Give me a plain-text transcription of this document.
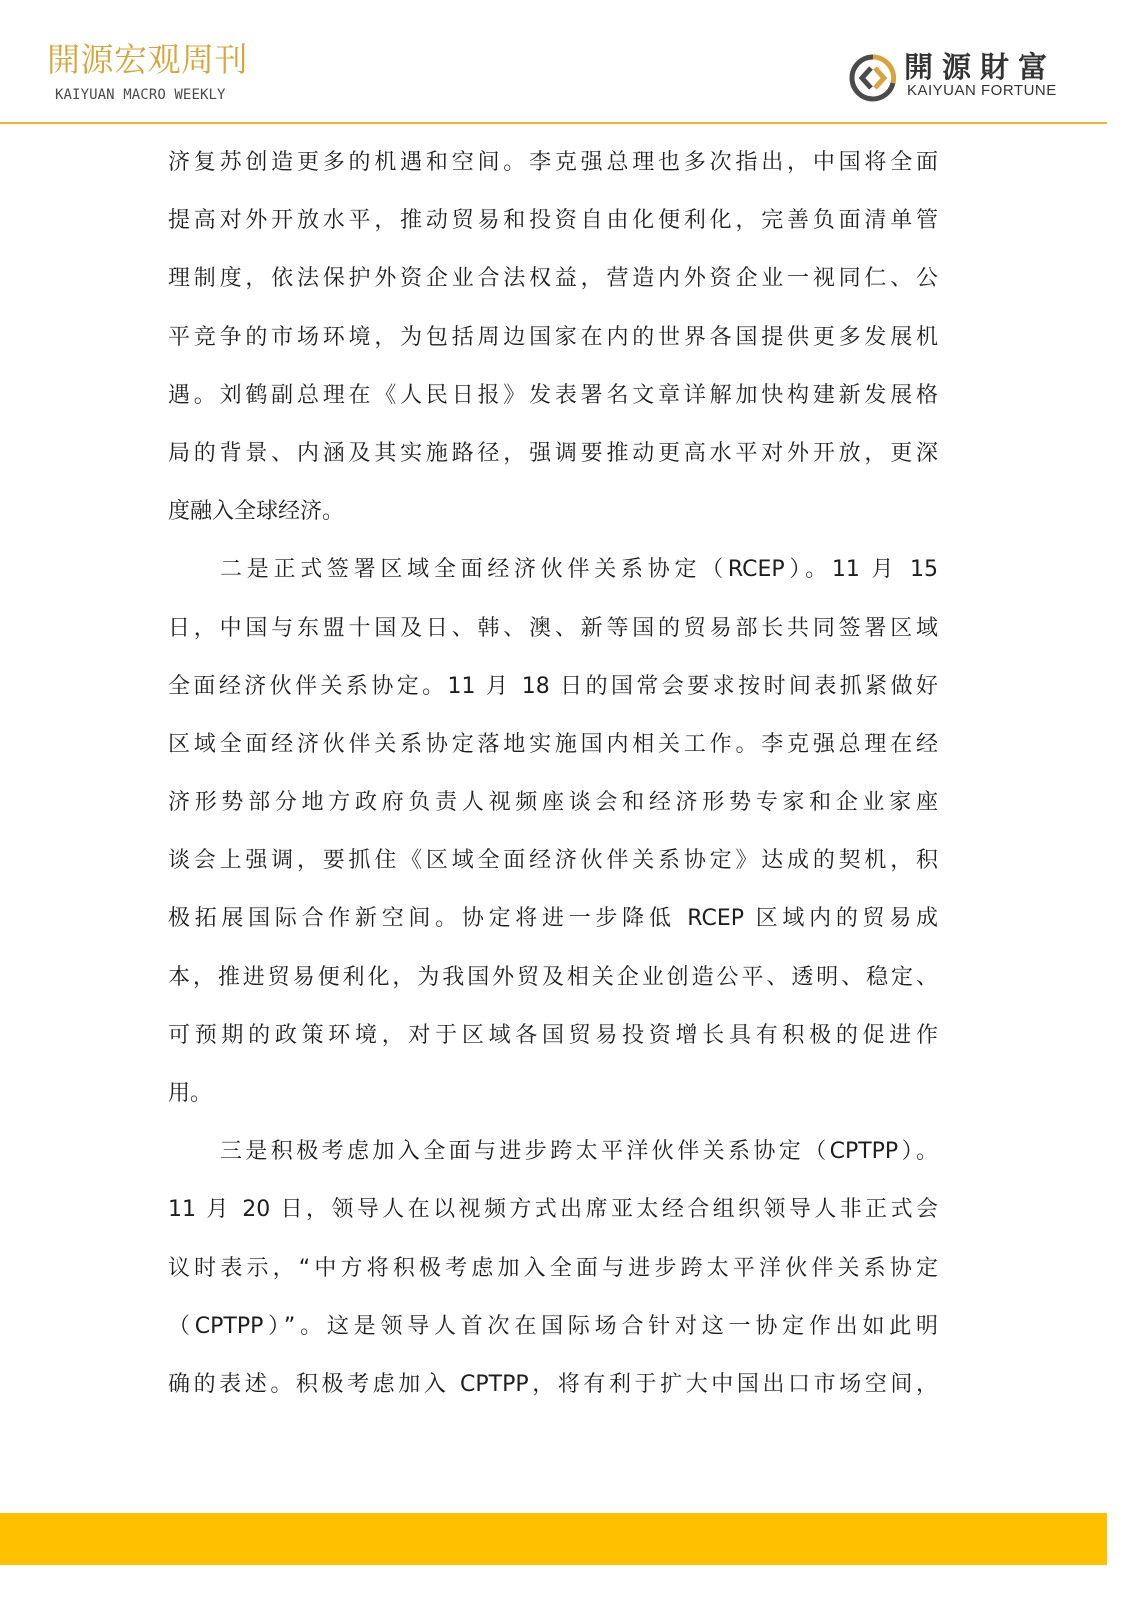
開源宏观周刊
KAIYUAN MACRO WEEKLY
開源財富
KAIYUAN FORTUNE
济复苏创造更多的机遇和空间。李克强总理也多次指出，中国将全面
提高对外开放水平，推动贸易和投资自由化便利化，完善负面清单管
理制度，依法保护外资企业合法权益，营造内外资企业一视同仁、公
平竞争的市场环境，为包括周边国家在内的世界各国提供更多发展机
遇。刘鹤副总理在《人民日报》发表署名文章详解加快构建新发展格
局的背景、内涵及其实施路径，强调要推动更高水平对外开放，更深
度融入全球经济。
二是正式签署区域全面经济伙伴关系协定（RCEP）。11 月 15
日，中国与东盟十国及日、韩、澳、新等国的贸易部长共同签署区域
全面经济伙伴关系协定。11 月 18 日的国常会要求按时间表抓紧做好
区域全面经济伙伴关系协定落地实施国内相关工作。李克强总理在经
济形势部分地方政府负责人视频座谈会和经济形势专家和企业家座
谈会上强调，要抓住《区域全面经济伙伴关系协定》达成的契机，积
极拓展国际合作新空间。协定将进一步降低 RCEP 区域内的贸易成
本，推进贸易便利化，为我国外贸及相关企业创造公平、透明、稳定、
可预期的政策环境，对于区域各国贸易投资增长具有积极的促进作
用。
三是积极考虑加入全面与进步跨太平洋伙伴关系协定（CPTPP）。
11 月 20 日，领导人在以视频方式出席亚太经合组织领导人非正式会
议时表示，“中方将积极考虑加入全面与进步跨太平洋伙伴关系协定
（CPTPP）”。这是领导人首次在国际场合针对这一协定作出如此明
确的表述。积极考虑加入 CPTPP，将有利于扩大中国出口市场空间，
